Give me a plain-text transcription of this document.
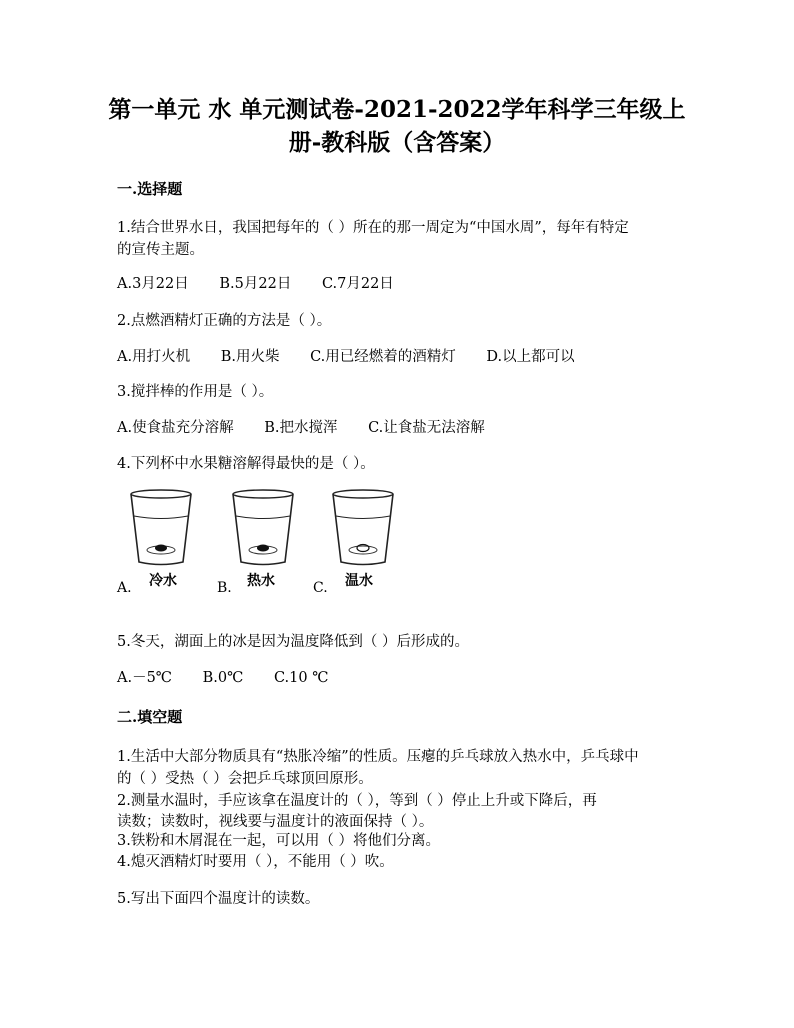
第一单元 水 单元测试卷-2021-2022学年科学三年级上
册-教科版（含答案）
一.选择题
1.结合世界水日，我国把每年的（ ）所在的那一周定为“中国水周”，每年有特定
的宣传主题。
A.3月22日 B.5月22日 C.7月22日
2.点燃酒精灯正确的方法是（ ）。
A.用打火机 B.用火柴 C.用已经燃着的酒精灯 D.以上都可以
3.搅拌棒的作用是（ ）。
A.使食盐充分溶解 B.把水搅浑 C.让食盐无法溶解
4.下列杯中水果糖溶解得最快的是（ ）。
A. 冷水	B. 热水	C. 温水
5.冬天，湖面上的冰是因为温度降低到（ ）后形成的。
A.－5℃ B.0℃ C.10 ℃
二.填空题
1.生活中大部分物质具有“热胀冷缩”的性质。压瘪的乒乓球放入热水中，乒乓球中
的（ ）受热（ ）会把乒乓球顶回原形。
2.测量水温时，手应该拿在温度计的（ ），等到（ ）停止上升或下降后，再
读数；读数时，视线要与温度计的液面保持（ ）。
3.铁粉和木屑混在一起，可以用（ ）将他们分离。
4.熄灭酒精灯时要用（ ），不能用（ ）吹。
5.写出下面四个温度计的读数。
